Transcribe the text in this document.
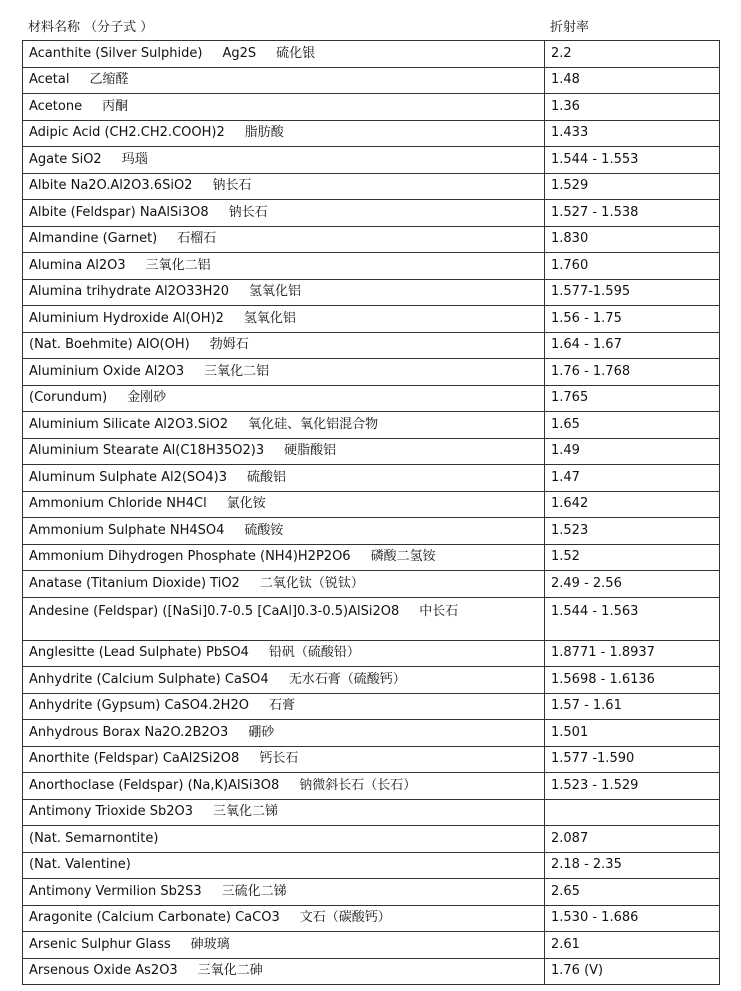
材料名称 （分子式 ）	折射率
Acanthite (Silver Sulphide) Ag2S 硫化银	2.2
Acetal 乙缩醛	1.48
Acetone 丙酮	1.36
Adipic Acid (CH2.CH2.COOH)2 脂肪酸	1.433
Agate SiO2 玛瑙	1.544 - 1.553
Albite Na2O.Al2O3.6SiO2 钠长石	1.529
Albite (Feldspar) NaAlSi3O8 钠长石	1.527 - 1.538
Almandine (Garnet) 石榴石	1.830
Alumina Al2O3 三氧化二铝	1.760
Alumina trihydrate Al2O33H20 氢氧化铝	1.577-1.595
Aluminium Hydroxide Al(OH)2 氢氧化铝	1.56 - 1.75
(Nat. Boehmite) AlO(OH) 勃姆石	1.64 - 1.67
Aluminium Oxide Al2O3 三氧化二铝	1.76 - 1.768
(Corundum) 金刚砂	1.765
Aluminium Silicate Al2O3.SiO2 氧化硅、氧化铝混合物	1.65
Aluminium Stearate Al(C18H35O2)3 硬脂酸铝	1.49
Aluminum Sulphate Al2(SO4)3 硫酸铝	1.47
Ammonium Chloride NH4Cl 氯化铵	1.642
Ammonium Sulphate NH4SO4 硫酸铵	1.523
Ammonium Dihydrogen Phosphate (NH4)H2P2O6 磷酸二氢铵	1.52
Anatase (Titanium Dioxide) TiO2 二氧化钛（锐钛）	2.49 - 2.56
Andesine (Feldspar) ([NaSi]0.7-0.5 [CaAl]0.3-0.5)AlSi2O8 中长石	1.544 - 1.563
Anglesitte (Lead Sulphate) PbSO4 铅矾（硫酸铅）	1.8771 - 1.8937
Anhydrite (Calcium Sulphate) CaSO4 无水石膏（硫酸钙）	1.5698 - 1.6136
Anhydrite (Gypsum) CaSO4.2H2O 石膏	1.57 - 1.61
Anhydrous Borax Na2O.2B2O3 硼砂	1.501
Anorthite (Feldspar) CaAl2Si2O8 钙长石	1.577 -1.590
Anorthoclase (Feldspar) (Na,K)AlSi3O8 钠微斜长石（长石）	1.523 - 1.529
Antimony Trioxide Sb2O3 三氧化二锑	
(Nat. Semarnontite)	2.087
(Nat. Valentine)	2.18 - 2.35
Antimony Vermilion Sb2S3 三硫化二锑	2.65
Aragonite (Calcium Carbonate) CaCO3 文石（碳酸钙）	1.530 - 1.686
Arsenic Sulphur Glass 砷玻璃	2.61
Arsenous Oxide As2O3 三氧化二砷	1.76 (V)
